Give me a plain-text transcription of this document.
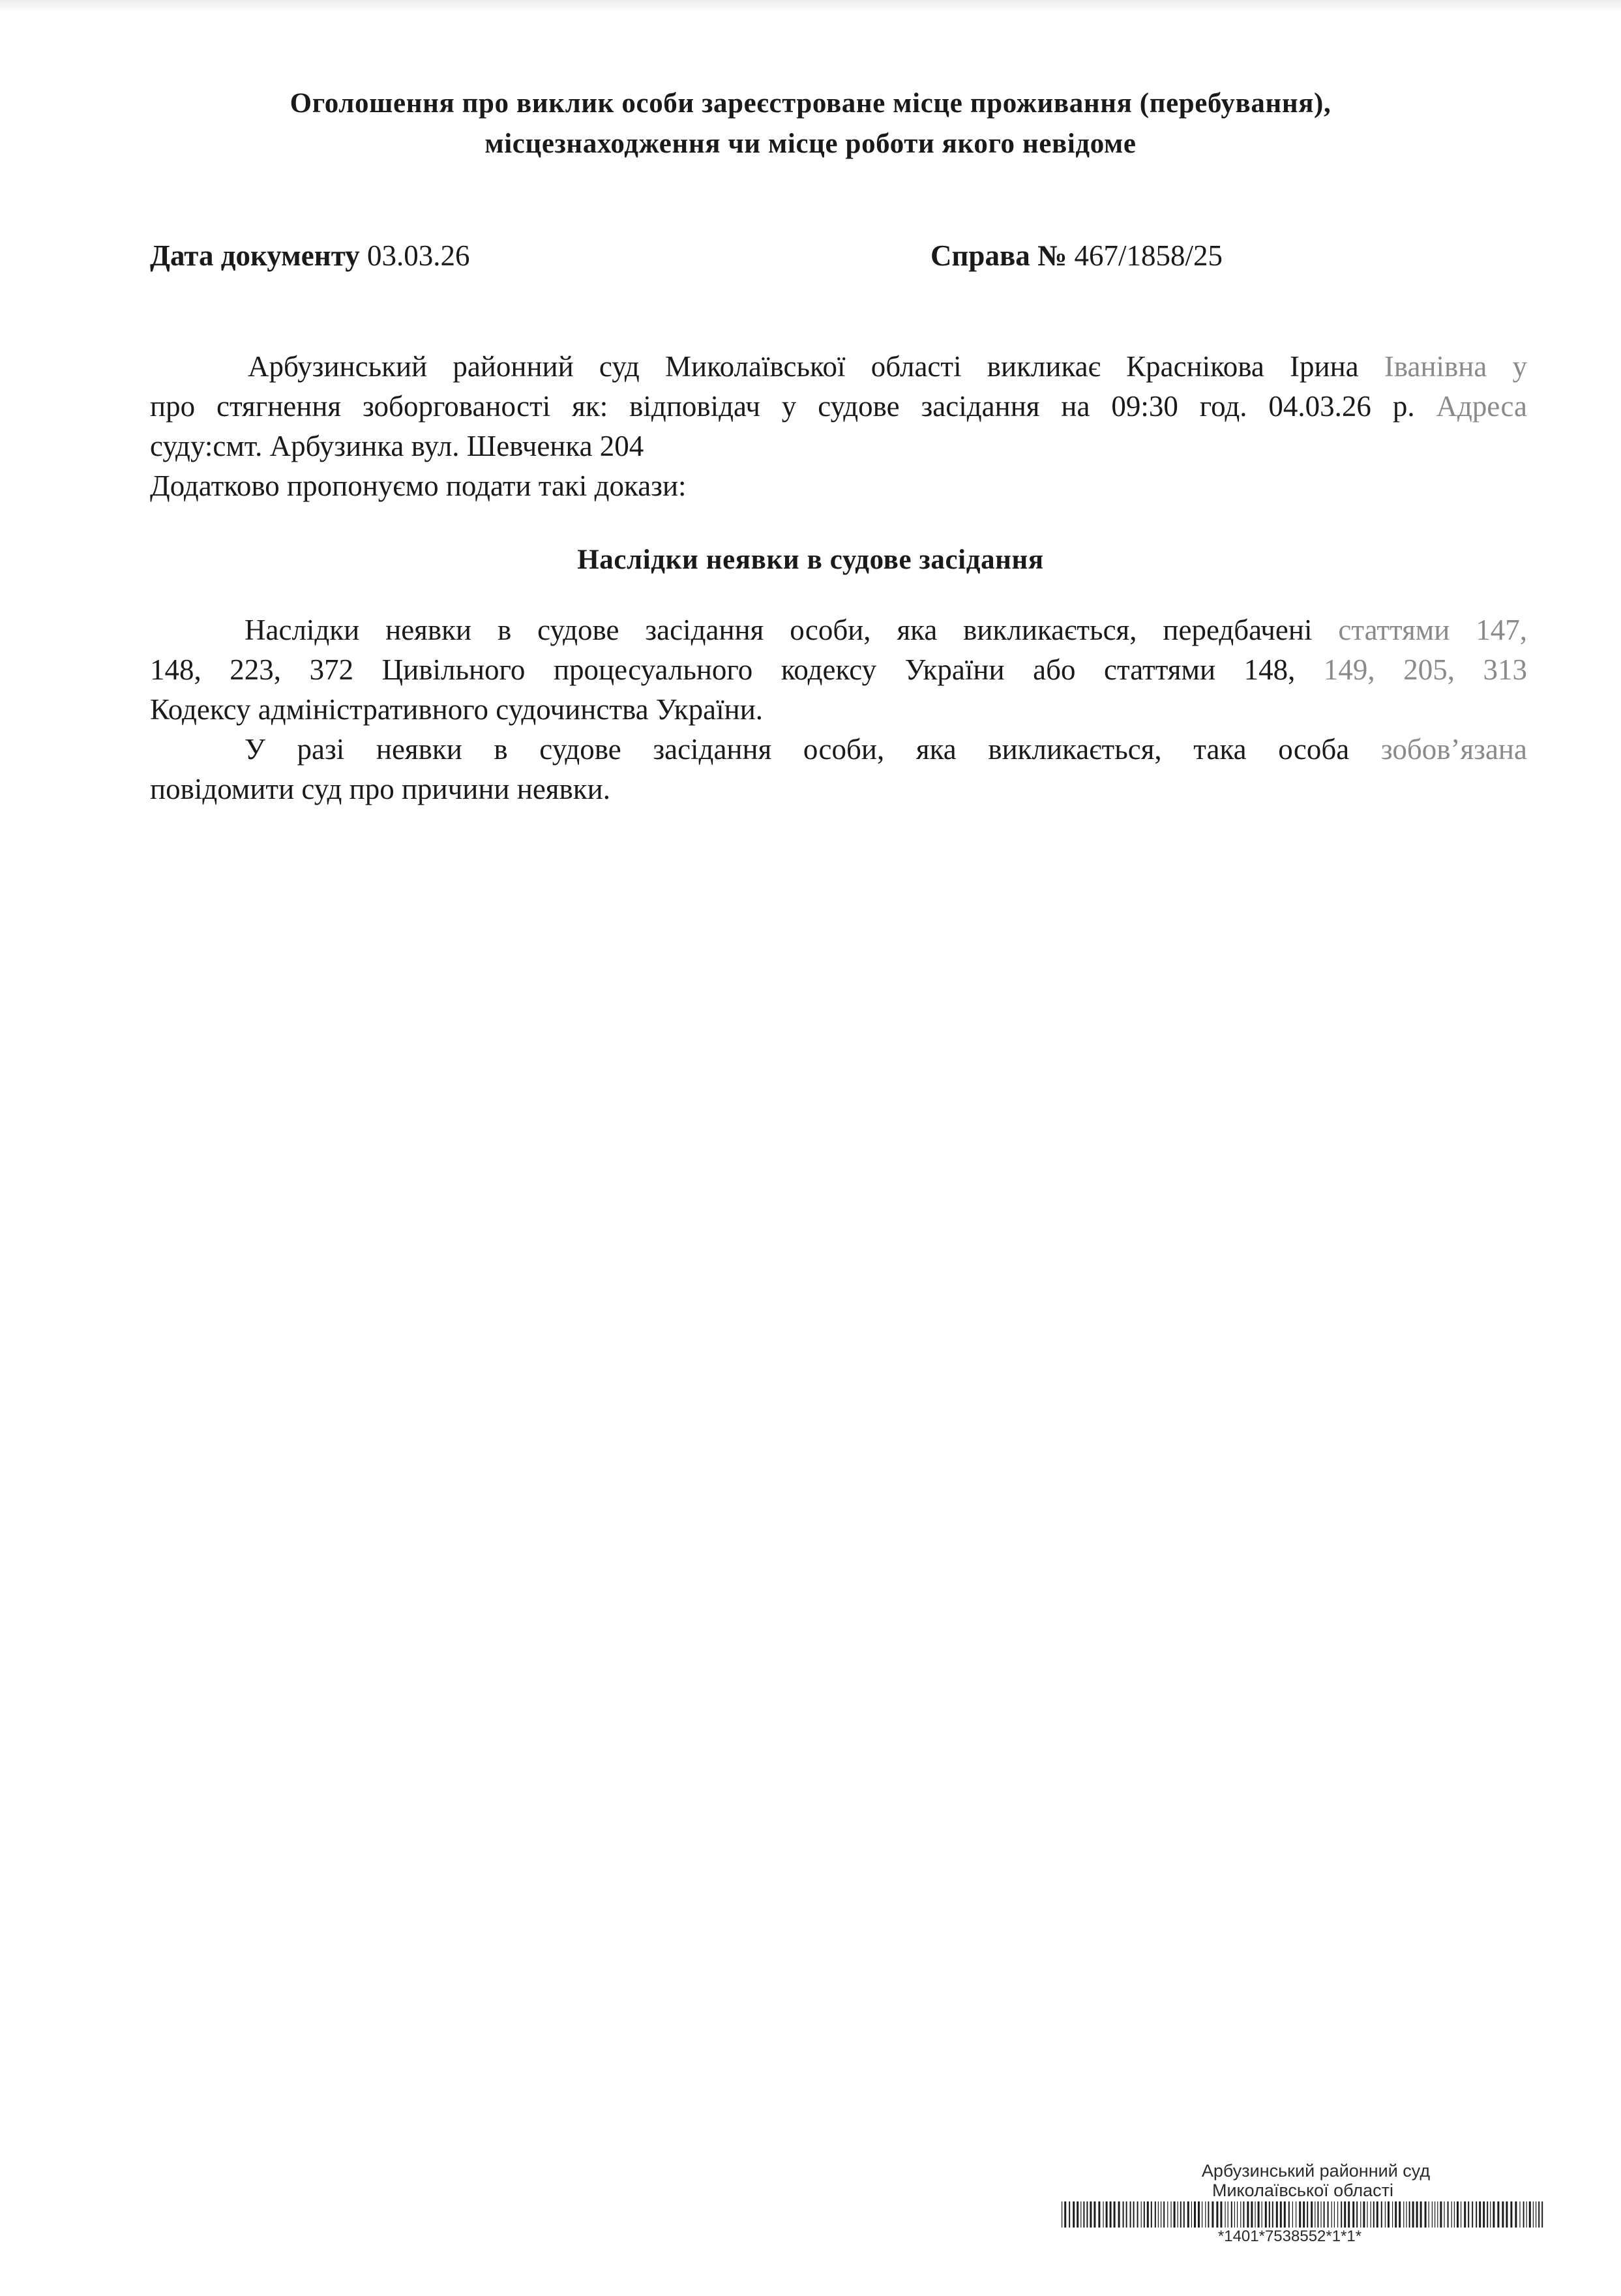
Оголошення про виклик особи зареєстроване місце проживання (перебування),
місцезнаходження чи місце роботи якого невідоме
Дата документу 03.03.26	Справа № 467/1858/25
Арбузинський районний суд Миколаївської області викликає Краснікова Ірина Іванівна у
про стягнення зоборгованості як: відповідач у судове засідання на 09:30 год. 04.03.26 р. Адреса
суду:смт. Арбузинка вул. Шевченка 204
Додатково пропонуємо подати такі докази:
Наслідки неявки в судове засідання
Наслідки неявки в судове засідання особи, яка викликається, передбачені статтями 147,
148, 223, 372 Цивільного процесуального кодексу України або статтями 148, 149, 205, 313
Кодексу адміністративного судочинства України.
У разі неявки в судове засідання особи, яка викликається, така особа зобов’язана
повідомити суд про причини неявки.
Арбузинський районний суд
Миколаївської області
*1401*7538552*1*1*
